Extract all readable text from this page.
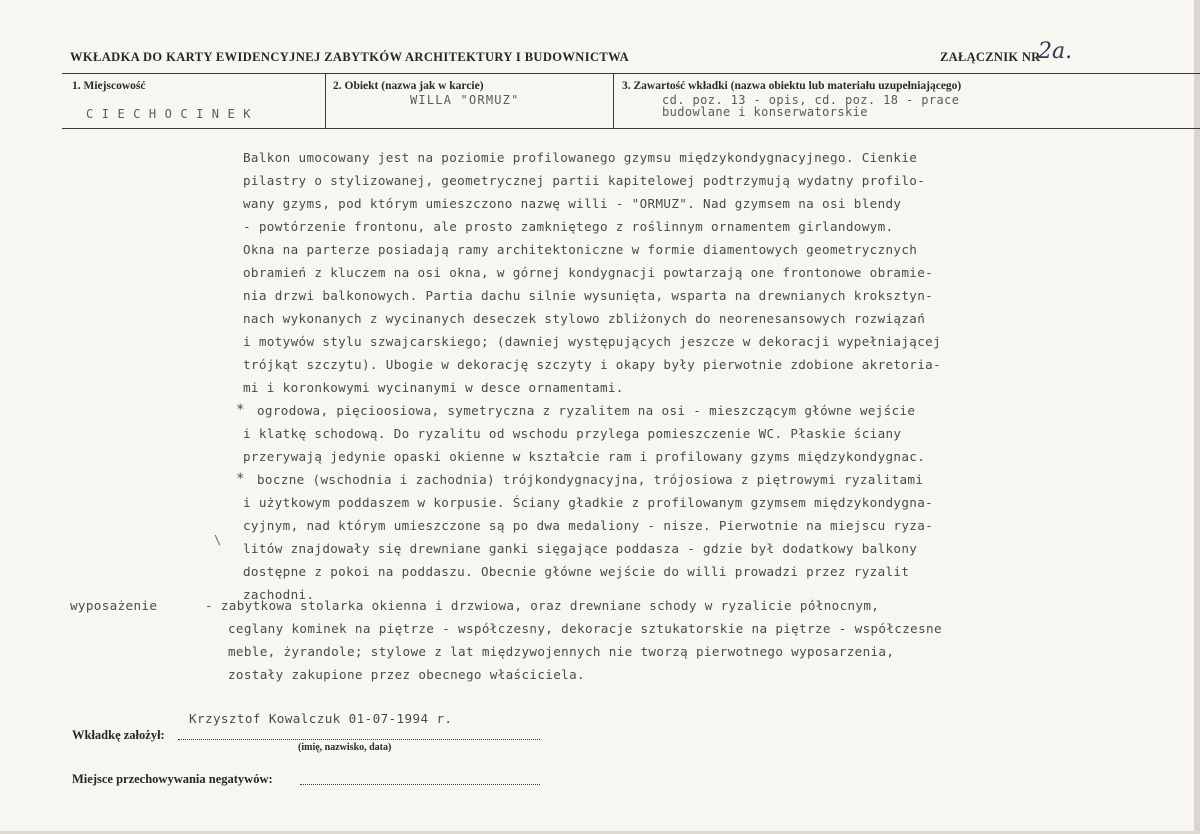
WKŁADKA DO KARTY EWIDENCYJNEJ ZABYTKÓW ARCHITEKTURY I BUDOWNICTWA	ZAŁĄCZNIK NR
2a.
1. Miejscowość
CIECHOCINEK
2. Obiekt (nazwa jak w karcie)
WILLA "ORMUZ"
3. Zawartość wkładki (nazwa obiektu lub materiału uzupełniającego)
cd. poz. 13 - opis, cd. poz. 18 - prace
budowlane i konserwatorskie
Balkon umocowany jest na poziomie profilowanego gzymsu międzykondygnacyjnego. Cienkie
pilastry o stylizowanej, geometrycznej partii kapitelowej podtrzymują wydatny profilo-
wany gzyms, pod którym umieszczono nazwę willi - "ORMUZ". Nad gzymsem na osi blendy
- powtórzenie frontonu, ale prosto zamkniętego z roślinnym ornamentem girlandowym.
Okna na parterze posiadają ramy architektoniczne w formie diamentowych geometrycznych
obramień z kluczem na osi okna, w górnej kondygnacji powtarzają one frontonowe obramie-
nia drzwi balkonowych. Partia dachu silnie wysunięta, wsparta na drewnianych kroksztyn-
nach wykonanych z wycinanych deseczek stylowo zbliżonych do neorenesansowych rozwiązań
i motywów stylu szwajcarskiego; (dawniej występujących jeszcze w dekoracji wypełniającej
trójkąt szczytu). Ubogie w dekorację szczyty i okapy były pierwotnie zdobione akretoria-
mi i koronkowymi wycinanymi w desce ornamentami.
* ogrodowa, pięcioosiowa, symetryczna z ryzalitem na osi - mieszczącym główne wejście
i klatkę schodową. Do ryzalitu od wschodu przylega pomieszczenie WC. Płaskie ściany
przerywają jedynie opaski okienne w kształcie ram i profilowany gzyms międzykondygnac.
* boczne (wschodnia i zachodnia) trójkondygnacyjna, trójosiowa z piętrowymi ryzalitami
i użytkowym poddaszem w korpusie. Ściany gładkie z profilowanym gzymsem międzykondygna-
cyjnym, nad którym umieszczone są po dwa medaliony - nisze. Pierwotnie na miejscu ryza-
\
litów znajdowały się drewniane ganki sięgające poddasza - gdzie był dodatkowy balkony
dostępne z pokoi na poddaszu. Obecnie główne wejście do willi prowadzi przez ryzalit
zachodni.
wyposażenie	- zabytkowa stolarka okienna i drzwiowa, oraz drewniane schody w ryzalicie północnym,
ceglany kominek na piętrze - współczesny, dekoracje sztukatorskie na piętrze - współczesne
meble, żyrandole; stylowe z lat międzywojennych nie tworzą pierwotnego wyposarzenia,
zostały zakupione przez obecnego właściciela.
Krzysztof Kowalczuk 01-07-1994 r.
Wkładkę założył:
(imię, nazwisko, data)
Miejsce przechowywania negatywów:
